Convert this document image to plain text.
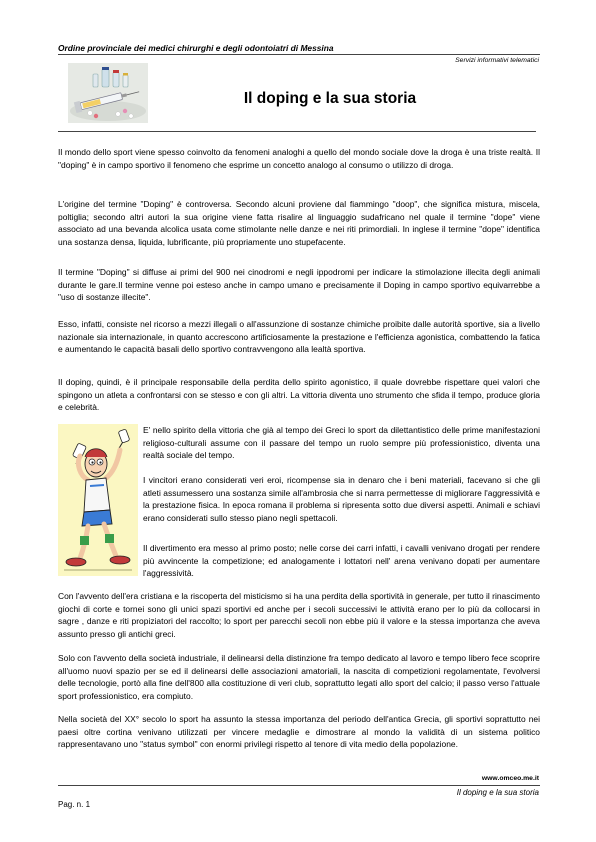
Ordine provinciale dei medici chirurghi e degli odontoiatri di Messina
Servizi informativi telematici
Il doping e la sua storia

Il mondo dello sport viene spesso coinvolto da fenomeni analoghi a quello del mondo sociale dove la droga è una triste realtà. Il "doping" è in campo sportivo il fenomeno che esprime un concetto analogo al consumo o utilizzo di droga.

L'origine del termine "Doping" è controversa. Secondo alcuni proviene dal fiammingo "doop", che significa mistura, miscela, poltiglia; secondo altri autori la sua origine viene fatta risalire al linguaggio sudafricano nel quale il termine "dope" viene associato ad una bevanda alcolica usata come stimolante nelle danze e nei riti primordiali. In inglese il termine "dope" identifica una sostanza densa, liquida, lubrificante, più propriamente uno stupefacente.

Il termine "Doping" si diffuse ai primi del 900 nei cinodromi e negli ippodromi per indicare la stimolazione illecita degli animali durante le gare.Il termine venne poi esteso anche in campo umano e precisamente il Doping in campo sportivo equivarrebbe a "uso di sostanze illecite".

Esso, infatti, consiste nel ricorso a mezzi illegali o all'assunzione di sostanze chimiche proibite dalle autorità sportive, sia a livello nazionale sia internazionale, in quanto accrescono artificiosamente la prestazione e l'efficienza agonistica, combattendo la fatica e aumentando le capacità basali dello sportivo contravvengono alla lealtà sportiva.

Il doping, quindi, è il principale responsabile della perdita dello spirito agonistico, il quale dovrebbe rispettare quei valori che spingono un atleta a confrontarsi con se stesso e con gli altri. La vittoria diventa uno strumento che sfida il tempo, produce gloria e celebrità.

E' nello spirito della vittoria che già al tempo dei Greci lo sport da dilettantistico delle prime manifestazioni religioso-culturali assume con il passare del tempo un ruolo sempre più professionistico, diventa una realtà sociale del tempo.

I vincitori erano considerati veri eroi, ricompense sia in denaro che i beni materiali, facevano si che gli atleti assumessero una sostanza simile all'ambrosia che si narra permettesse di migliorare l'aggressività e la prestazione fisica. In epoca romana il problema si ripresenta sotto due diversi aspetti. Animali e schiavi erano considerati sullo stesso piano negli spettacoli.

Il divertimento era messo al primo posto; nelle corse dei carri infatti, i cavalli venivano drogati per rendere più avvincente la competizione; ed analogamente i lottatori nell' arena venivano dopati per aumentare l'aggressività.

Con l'avvento dell'era cristiana e la riscoperta del misticismo si ha una perdita della sportività in generale, per tutto il rinascimento giochi di corte e tornei sono gli unici spazi sportivi ed anche per i secoli successivi le attività erano per lo più da collocarsi in sagre , danze e riti propiziatori del raccolto; lo sport per parecchi secoli non ebbe più il valore e la stessa importanza che aveva assunto presso gli antichi greci.

Solo con l'avvento della società industriale, il delinearsi della distinzione fra tempo dedicato al lavoro e tempo libero fece scoprire all'uomo nuovi spazio per se ed il delinearsi delle associazioni amatoriali, la nascita di competizioni regolamentate, l'evolversi delle tecnologie, portò alla fine dell'800 alla costituzione di veri club, soprattutto legati allo sport del calcio; il passo verso l'attuale sport professionistico, era compiuto.

Nella società del XX° secolo lo sport ha assunto la stessa importanza del periodo dell'antica Grecia, gli sportivi soprattutto nei paesi oltre cortina venivano utilizzati per vincere medaglie e dimostrare al mondo la validità di un sistema politico rappresentavano uno "status symbol" con enormi privilegi rispetto al tenore di vita medio della popolazione.

www.omceo.me.it
Il doping e la sua storia
Pag. n. 1
